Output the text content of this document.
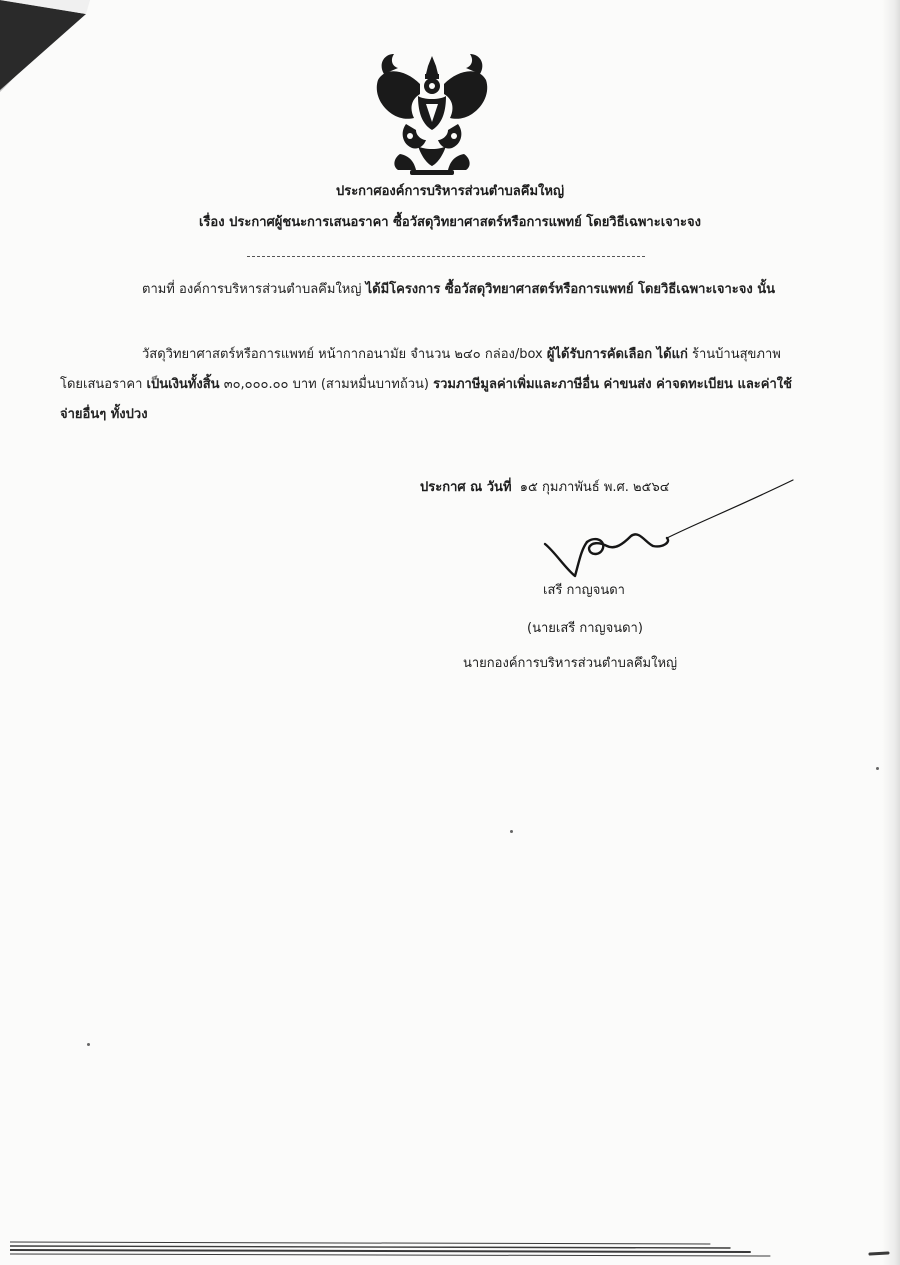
ประกาศองค์การบริหารส่วนตำบลคึมใหญ่
เรื่อง ประกาศผู้ชนะการเสนอราคา ซื้อวัสดุวิทยาศาสตร์หรือการแพทย์ โดยวิธีเฉพาะเจาะจง
ตามที่ องค์การบริหารส่วนตำบลคึมใหญ่ ได้มีโครงการ ซื้อวัสดุวิทยาศาสตร์หรือการแพทย์ โดยวิธีเฉพาะเจาะจง นั้น
วัสดุวิทยาศาสตร์หรือการแพทย์ หน้ากากอนามัย จำนวน ๒๔๐ กล่อง/box ผู้ได้รับการคัดเลือก ได้แก่ ร้านบ้านสุขภาพ โดยเสนอราคา เป็นเงินทั้งสิ้น ๓๐,๐๐๐.๐๐ บาท (สามหมื่นบาทถ้วน) รวมภาษีมูลค่าเพิ่มและภาษีอื่น ค่าขนส่ง ค่าจดทะเบียน และค่าใช้จ่ายอื่นๆ ทั้งปวง
ประกาศ ณ วันที่ ๑๕ กุมภาพันธ์ พ.ศ. ๒๕๖๔
เสรี กาญจนดา
(นายเสรี กาญจนดา)
นายกองค์การบริหารส่วนตำบลคึมใหญ่
